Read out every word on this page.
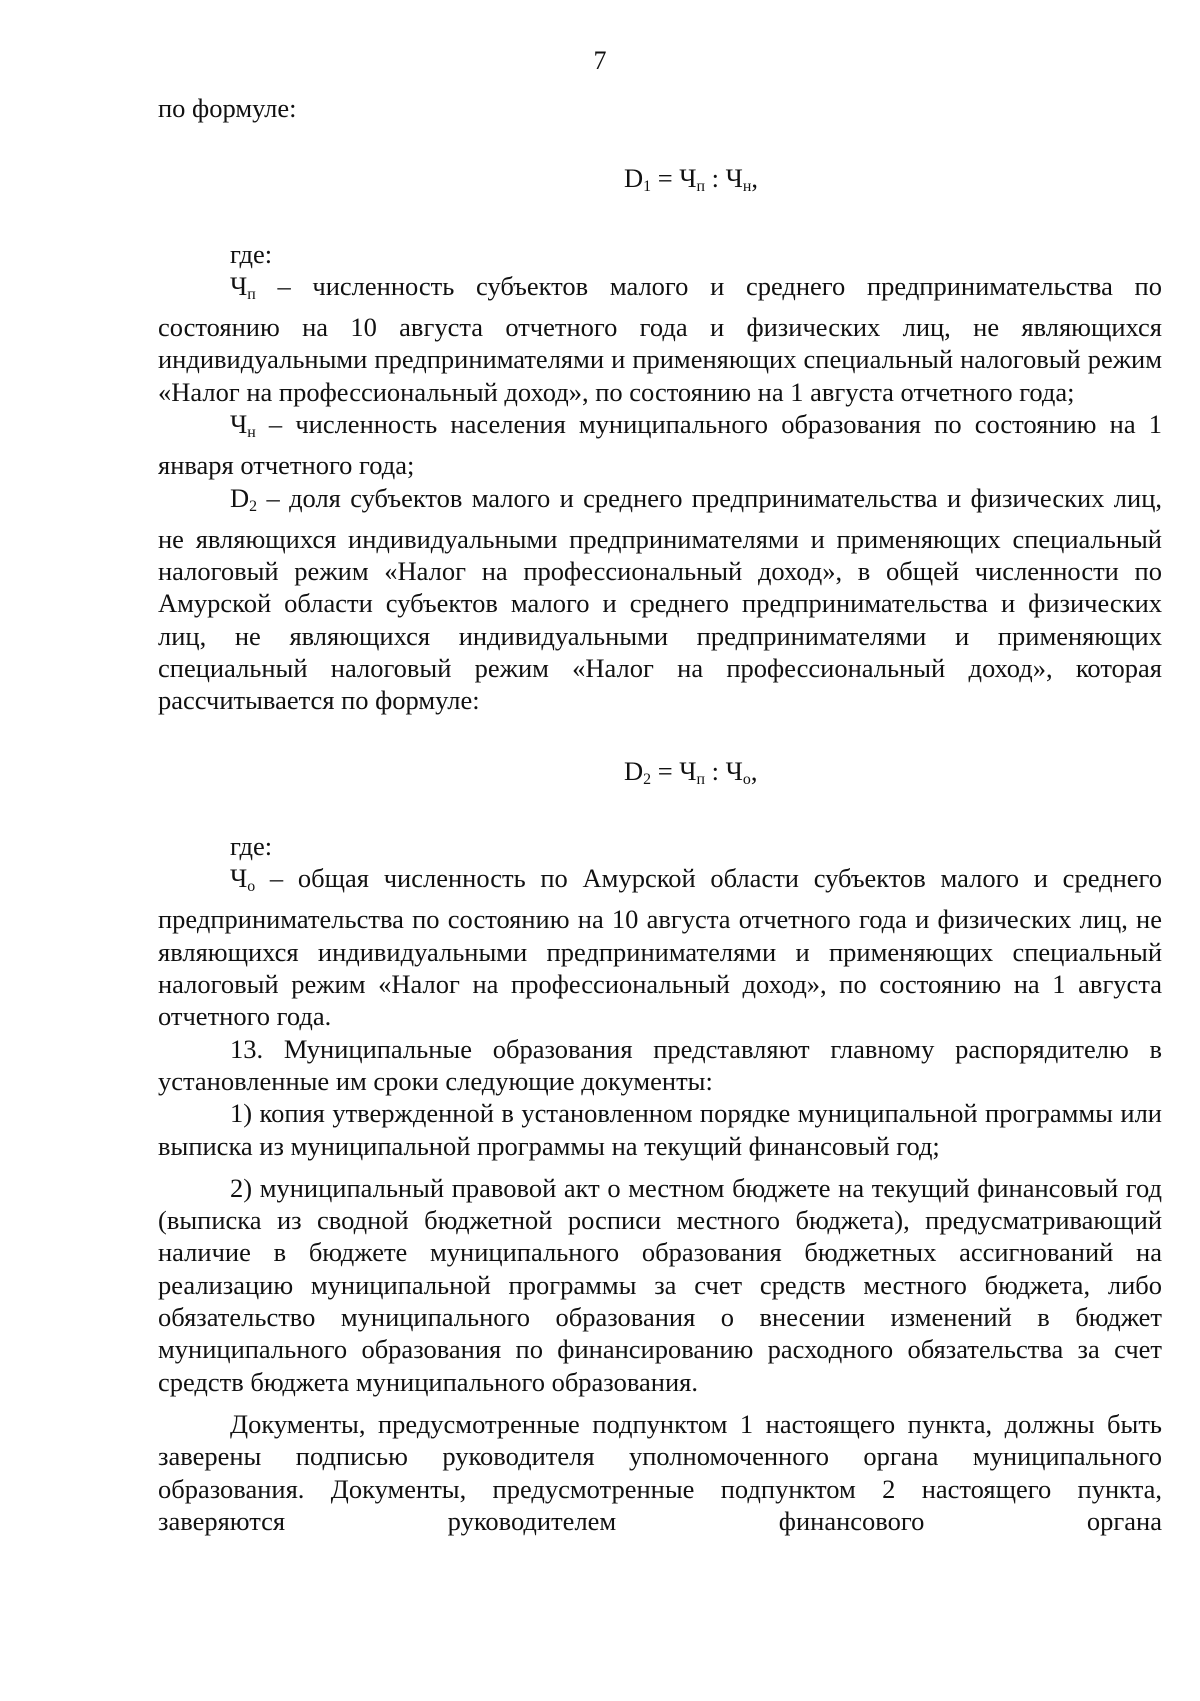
7

по формуле:

$D_1 = Ч_п$ : $Ч_н$,

где:

$Ч_п$ – численность субъектов малого и среднего предпринимательства по состоянию на 10 августа отчетного года и физических лиц, не являющихся индивидуальными предпринимателями и применяющих специальный налоговый режим «Налог на профессиональный доход», по состоянию на 1 августа отчетного года;

$Ч_н$ – численность населения муниципального образования по состоянию на 1 января отчетного года;

$D_2$ – доля субъектов малого и среднего предпринимательства и физических лиц, не являющихся индивидуальными предпринимателями и применяющих специальный налоговый режим «Налог на профессиональный доход», в общей численности по Амурской области субъектов малого и среднего предпринимательства и физических лиц, не являющихся индивидуальными предпринимателями и применяющих специальный налоговый режим «Налог на профессиональный доход», которая рассчитывается по формуле:

$D_2 = Ч_п$ : $Ч_о$,

где:

$Ч_о$ – общая численность по Амурской области субъектов малого и среднего предпринимательства по состоянию на 10 августа отчетного года и физических лиц, не являющихся индивидуальными предпринимателями и применяющих специальный налоговый режим «Налог на профессиональный доход», по состоянию на 1 августа отчетного года.

13. Муниципальные образования представляют главному распорядителю в установленные им сроки следующие документы:

1) копия утвержденной в установленном порядке муниципальной программы или выписка из муниципальной программы на текущий финансовый год;

2) муниципальный правовой акт о местном бюджете на текущий финансовый год (выписка из сводной бюджетной росписи местного бюджета), предусматривающий наличие в бюджете муниципального образования бюджетных ассигнований на реализацию муниципальной программы за счет средств местного бюджета, либо обязательство муниципального образования о внесении изменений в бюджет муниципального образования по финансированию расходного обязательства за счет средств бюджета муниципального образования.

Документы, предусмотренные подпунктом 1 настоящего пункта, должны быть заверены подписью руководителя уполномоченного органа муниципального образования. Документы, предусмотренные подпунктом 2 настоящего пункта, заверяются руководителем финансового органа
